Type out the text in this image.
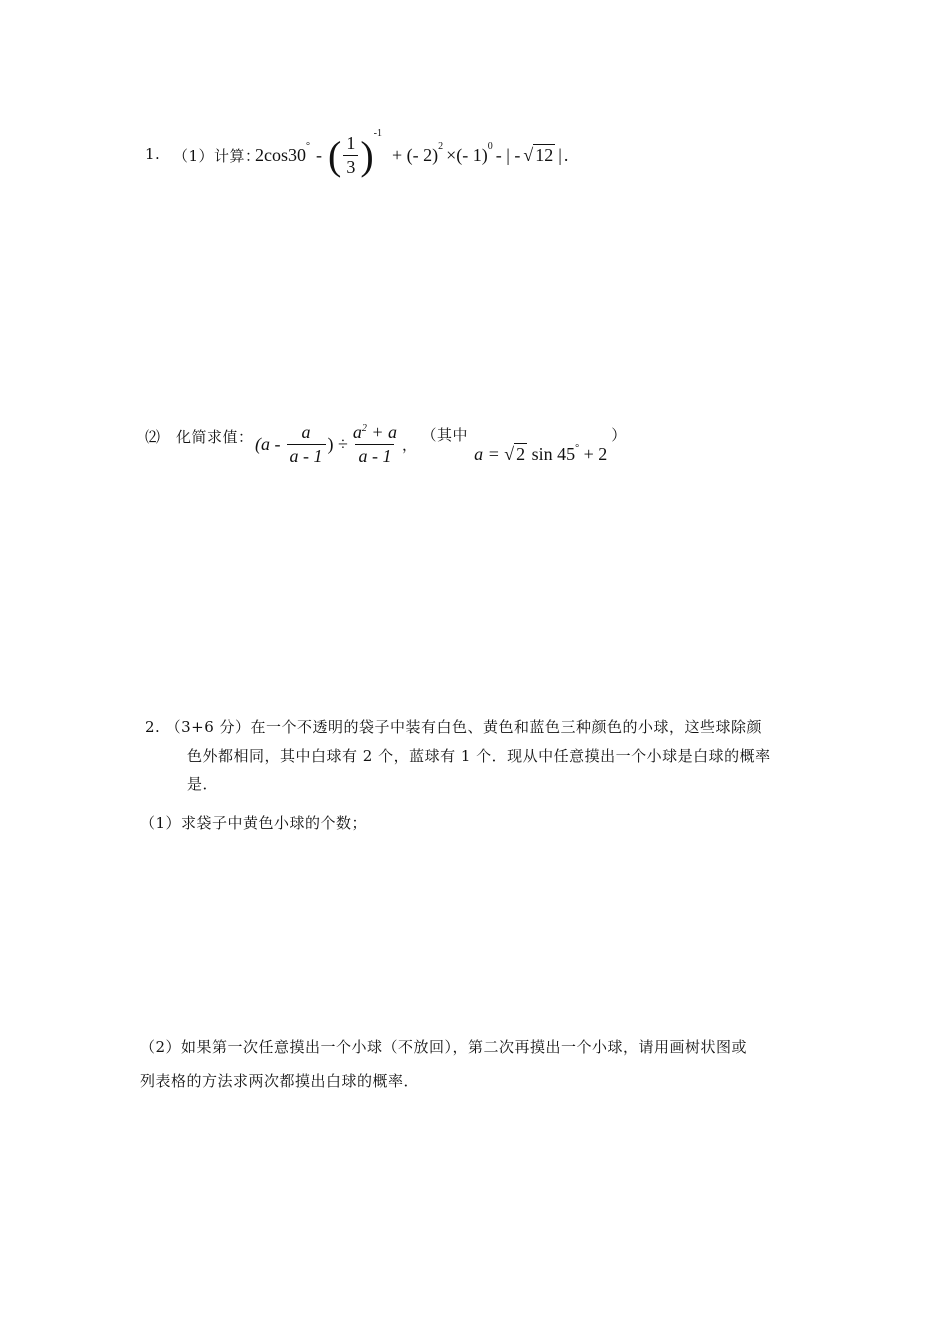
1. （1）计算：
2cos30 ° - ( $\frac{1}{3}$ ) -1
+ (- 2) 2 ×(- 1) 0 - | - √ 12 | .
⑵　化简求值： ($a - \frac{a}{a - 1}$ ) ÷ $\frac{a^2 + a}{a - 1}$ ，
（其中
a = √ 2 sin 45° + 2
）
2. （3+6 分）在一个不透明的袋子中装有白色、黄色和蓝色三种颜色的小球，这些球除颜
色外都相同，其中白球有 2 个，蓝球有 1 个．现从中任意摸出一个小球是白球的概率
是．
（1）求袋子中黄色小球的个数；
（2）如果第一次任意摸出一个小球（不放回），第二次再摸出一个小球，请用画树状图或
列表格的方法求两次都摸出白球的概率．
